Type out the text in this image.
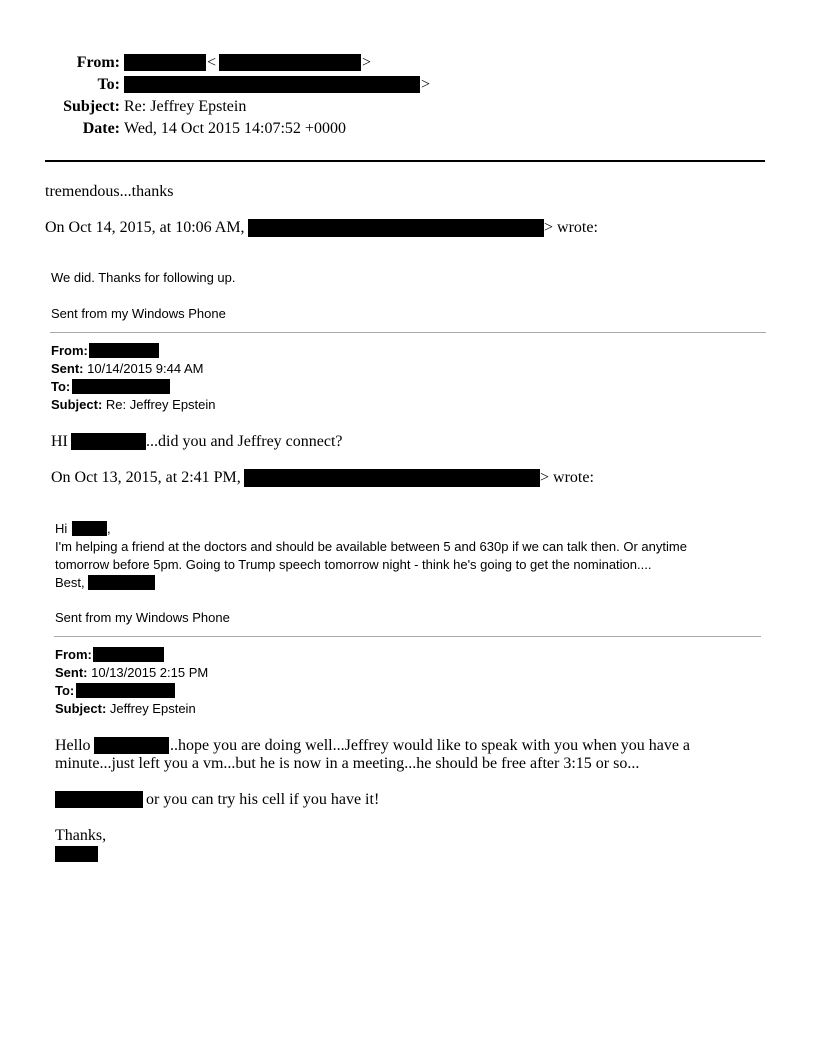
From:	<	>
To:	>
Subject: Re: Jeffrey Epstein
Date: Wed, 14 Oct 2015 14:07:52 +0000
tremendous...thanks
On Oct 14, 2015, at 10:06 AM,	> wrote:
We did. Thanks for following up.
Sent from my Windows Phone
From:
Sent: 10/14/2015 9:44 AM
To:
Subject: Re: Jeffrey Epstein
HI	...did you and Jeffrey connect?
On Oct 13, 2015, at 2:41 PM,	> wrote:
Hi	,
I'm helping a friend at the doctors and should be available between 5 and 630p if we can talk then. Or anytime
tomorrow before 5pm. Going to Trump speech tomorrow night - think he's going to get the nomination....
Best,
Sent from my Windows Phone
From:
Sent: 10/13/2015 2:15 PM
To:
Subject: Jeffrey Epstein
Hello	..hope you are doing well...Jeffrey would like to speak with you when you have a
minute...just left you a vm...but he is now in a meeting...he should be free after 3:15 or so...
or you can try his cell if you have it!
Thanks,
